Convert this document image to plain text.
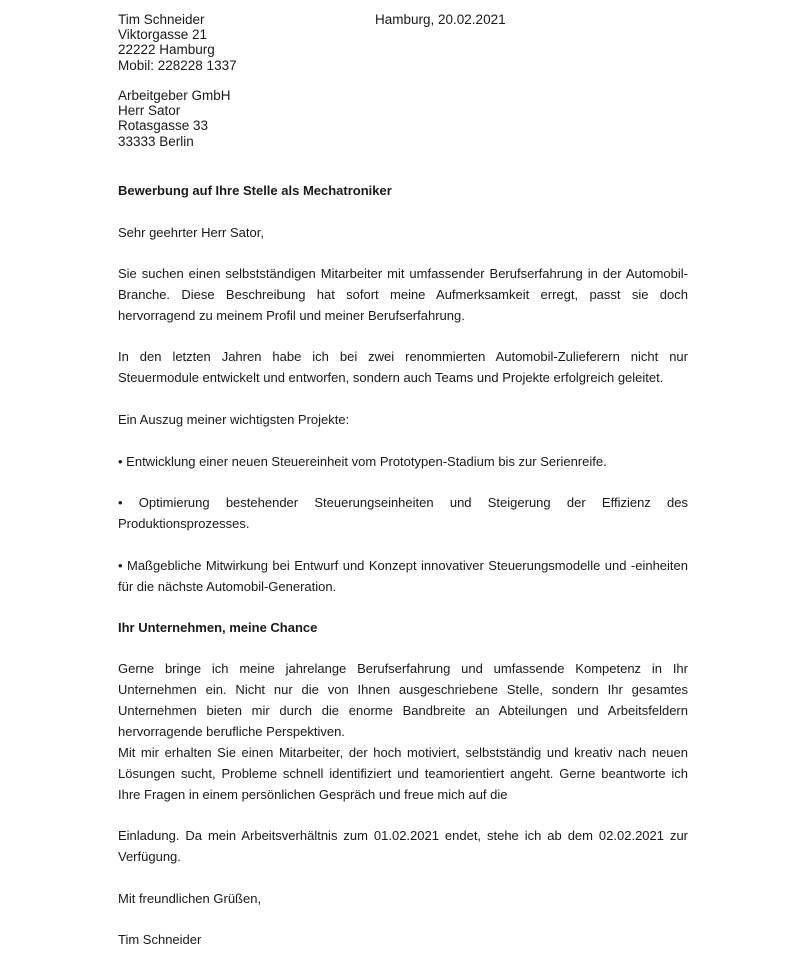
Tim Schneider
Viktorgasse 21
22222 Hamburg
Mobil: 228228 1337
Hamburg, 20.02.2021
Arbeitgeber GmbH
Herr Sator
Rotasgasse 33
33333 Berlin
Bewerbung auf Ihre Stelle als Mechatroniker
Sehr geehrter Herr Sator,
Sie suchen einen selbstständigen Mitarbeiter mit umfassender Berufserfahrung in der Automobil-Branche. Diese Beschreibung hat sofort meine Aufmerksamkeit erregt, passt sie doch hervorragend zu meinem Profil und meiner Berufserfahrung.
In den letzten Jahren habe ich bei zwei renommierten Automobil-Zulieferern nicht nur Steuermodule entwickelt und entworfen, sondern auch Teams und Projekte erfolgreich geleitet.
Ein Auszug meiner wichtigsten Projekte:
• Entwicklung einer neuen Steuereinheit vom Prototypen-Stadium bis zur Serienreife.
• Optimierung bestehender Steuerungseinheiten und Steigerung der Effizienz des Produktionsprozesses.
• Maßgebliche Mitwirkung bei Entwurf und Konzept innovativer Steuerungsmodelle und -einheiten für die nächste Automobil-Generation.
Ihr Unternehmen, meine Chance
Gerne bringe ich meine jahrelange Berufserfahrung und umfassende Kompetenz in Ihr Unternehmen ein. Nicht nur die von Ihnen ausgeschriebene Stelle, sondern Ihr gesamtes Unternehmen bieten mir durch die enorme Bandbreite an Abteilungen und Arbeitsfeldern hervorragende berufliche Perspektiven.
Mit mir erhalten Sie einen Mitarbeiter, der hoch motiviert, selbstständig und kreativ nach neuen Lösungen sucht, Probleme schnell identifiziert und teamorientiert angeht. Gerne beantworte ich Ihre Fragen in einem persönlichen Gespräch und freue mich auf die
Einladung. Da mein Arbeitsverhältnis zum 01.02.2021 endet, stehe ich ab dem 02.02.2021 zur Verfügung.
Mit freundlichen Grüßen,
Tim Schneider
